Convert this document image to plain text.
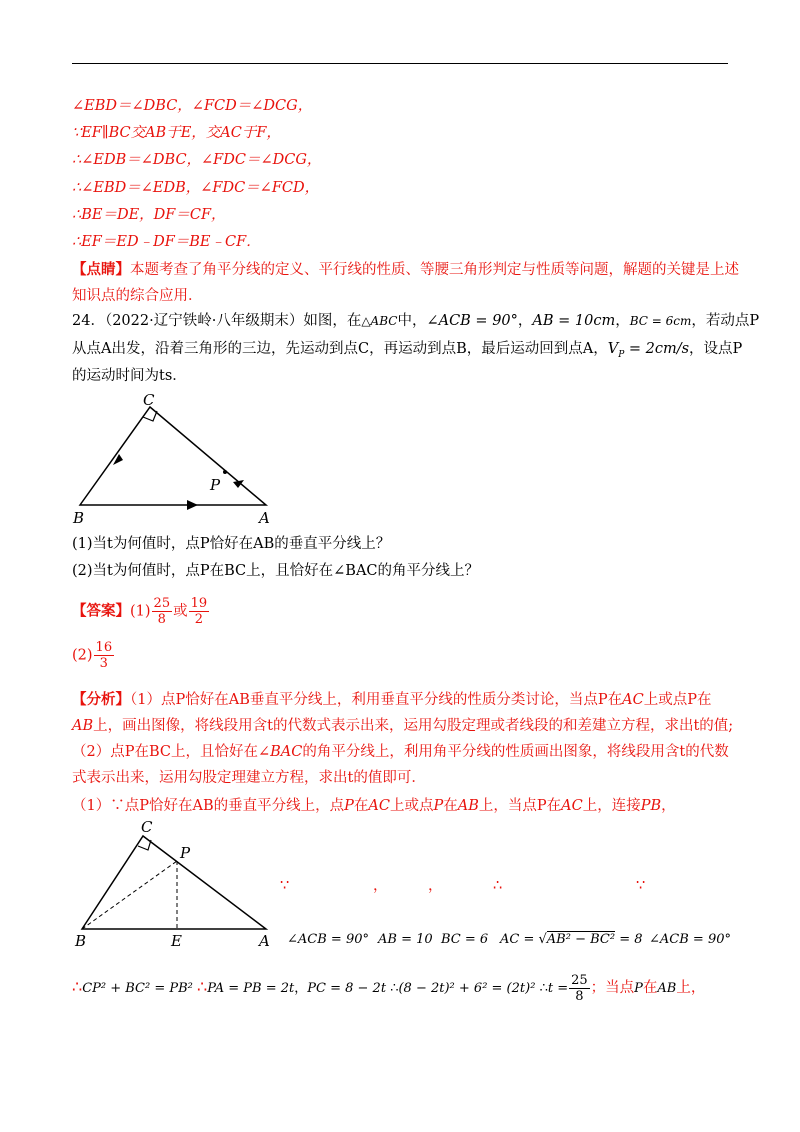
∠EBD＝∠DBC，∠FCD＝∠DCG，
∵EF∥BC交AB于E，交AC于F，
∴∠EDB＝∠DBC，∠FDC＝∠DCG，
∴∠EBD＝∠EDB，∠FDC＝∠FCD，
∴BE＝DE，DF＝CF，
∴EF＝ED﹣DF＝BE﹣CF．
【点睛】本题考查了角平分线的定义、平行线的性质、等腰三角形判定与性质等问题，解题的关键是上述
知识点的综合应用．
24．（2022·辽宁铁岭·八年级期末）如图，在△ABC中，∠ACB = 90°，AB = 10cm，BC = 6cm，若动点P
从点A出发，沿着三角形的三边，先运动到点C，再运动到点B，最后运动回到点A，$V_P = 2cm/s$，设点P
的运动时间为ts．
C
B	A
P
(1)当t为何值时，点P恰好在AB的垂直平分线上？
(2)当t为何值时，点P在BC上，且恰好在∠BAC的角平分线上？
【答案】$(1) \frac{25}{8}$ 或 $\frac{19}{2}$
$(2) \frac{16}{3}$
【分析】（1）点P恰好在AB垂直平分线上，利用垂直平分线的性质分类讨论，当点P在AC上或点P在
AB上，画出图像，将线段用含t的代数式表示出来，运用勾股定理或者线段的和差建立方程，求出t的值;
（2）点P在BC上，且恰好在∠BAC的角平分线上，利用角平分线的性质画出图象，将线段用含t的代数
式表示出来，运用勾股定理建立方程，求出t的值即可．
（1）∵点P恰好在AB的垂直平分线上，点P在AC上或点P在AB上，当点P在AC上，连接PB，
C
P
B	E	A
∵	，	，	∴	∵
∠ACB = 90° AB = 10 BC = 6 AC = √AB² − BC² = 8 ∠ACB = 90°
∴CP² + BC² = PB² ∴PA = PB = 2t，PC = 8 − 2t ∴(8 − 2t)² + 6² = (2t)² ∴t = $\frac{25}{8}$ ；当点P在AB上，
